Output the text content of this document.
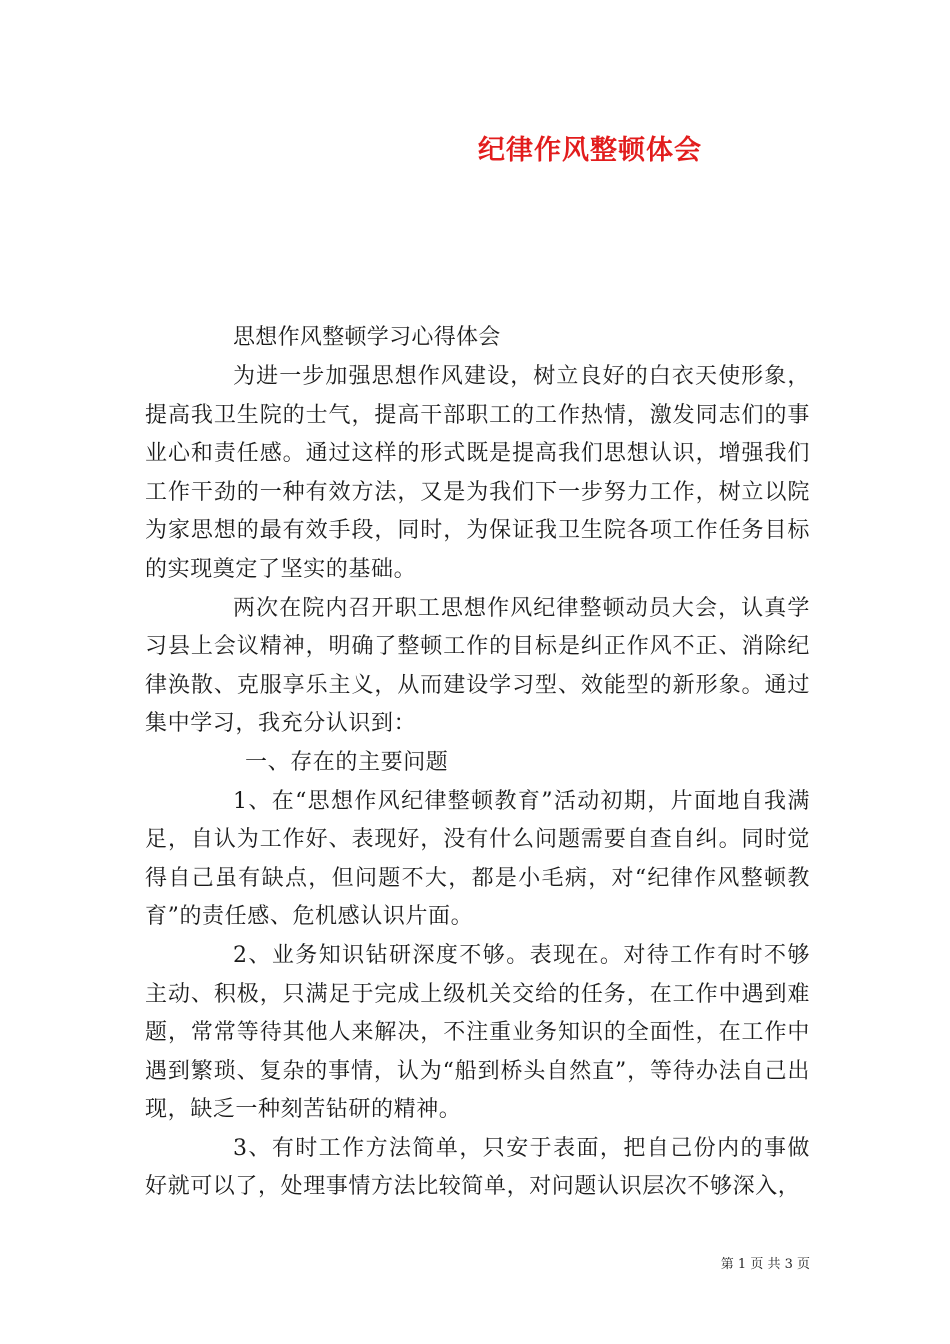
纪律作风整顿体会

思想作风整顿学习心得体会

为进一步加强思想作风建设，树立良好的白衣天使形象，提高我卫生院的士气，提高干部职工的工作热情，激发同志们的事业心和责任感。通过这样的形式既是提高我们思想认识，增强我们工作干劲的一种有效方法，又是为我们下一步努力工作，树立以院为家思想的最有效手段，同时，为保证我卫生院各项工作任务目标的实现奠定了坚实的基础。

两次在院内召开职工思想作风纪律整顿动员大会，认真学习县上会议精神，明确了整顿工作的目标是纠正作风不正、消除纪律涣散、克服享乐主义，从而建设学习型、效能型的新形象。通过集中学习，我充分认识到：

一、存在的主要问题

1、在“思想作风纪律整顿教育”活动初期，片面地自我满足，自认为工作好、表现好，没有什么问题需要自查自纠。同时觉得自己虽有缺点，但问题不大，都是小毛病，对“纪律作风整顿教育”的责任感、危机感认识片面。

2、业务知识钻研深度不够。表现在。对待工作有时不够主动、积极，只满足于完成上级机关交给的任务，在工作中遇到难题，常常等待其他人来解决，不注重业务知识的全面性，在工作中遇到繁琐、复杂的事情，认为“船到桥头自然直”，等待办法自己出现，缺乏一种刻苦钻研的精神。

3、有时工作方法简单，只安于表面，把自己份内的事做好就可以了，处理事情方法比较简单，对问题认识层次不够深入，

第 1 页 共 3 页
